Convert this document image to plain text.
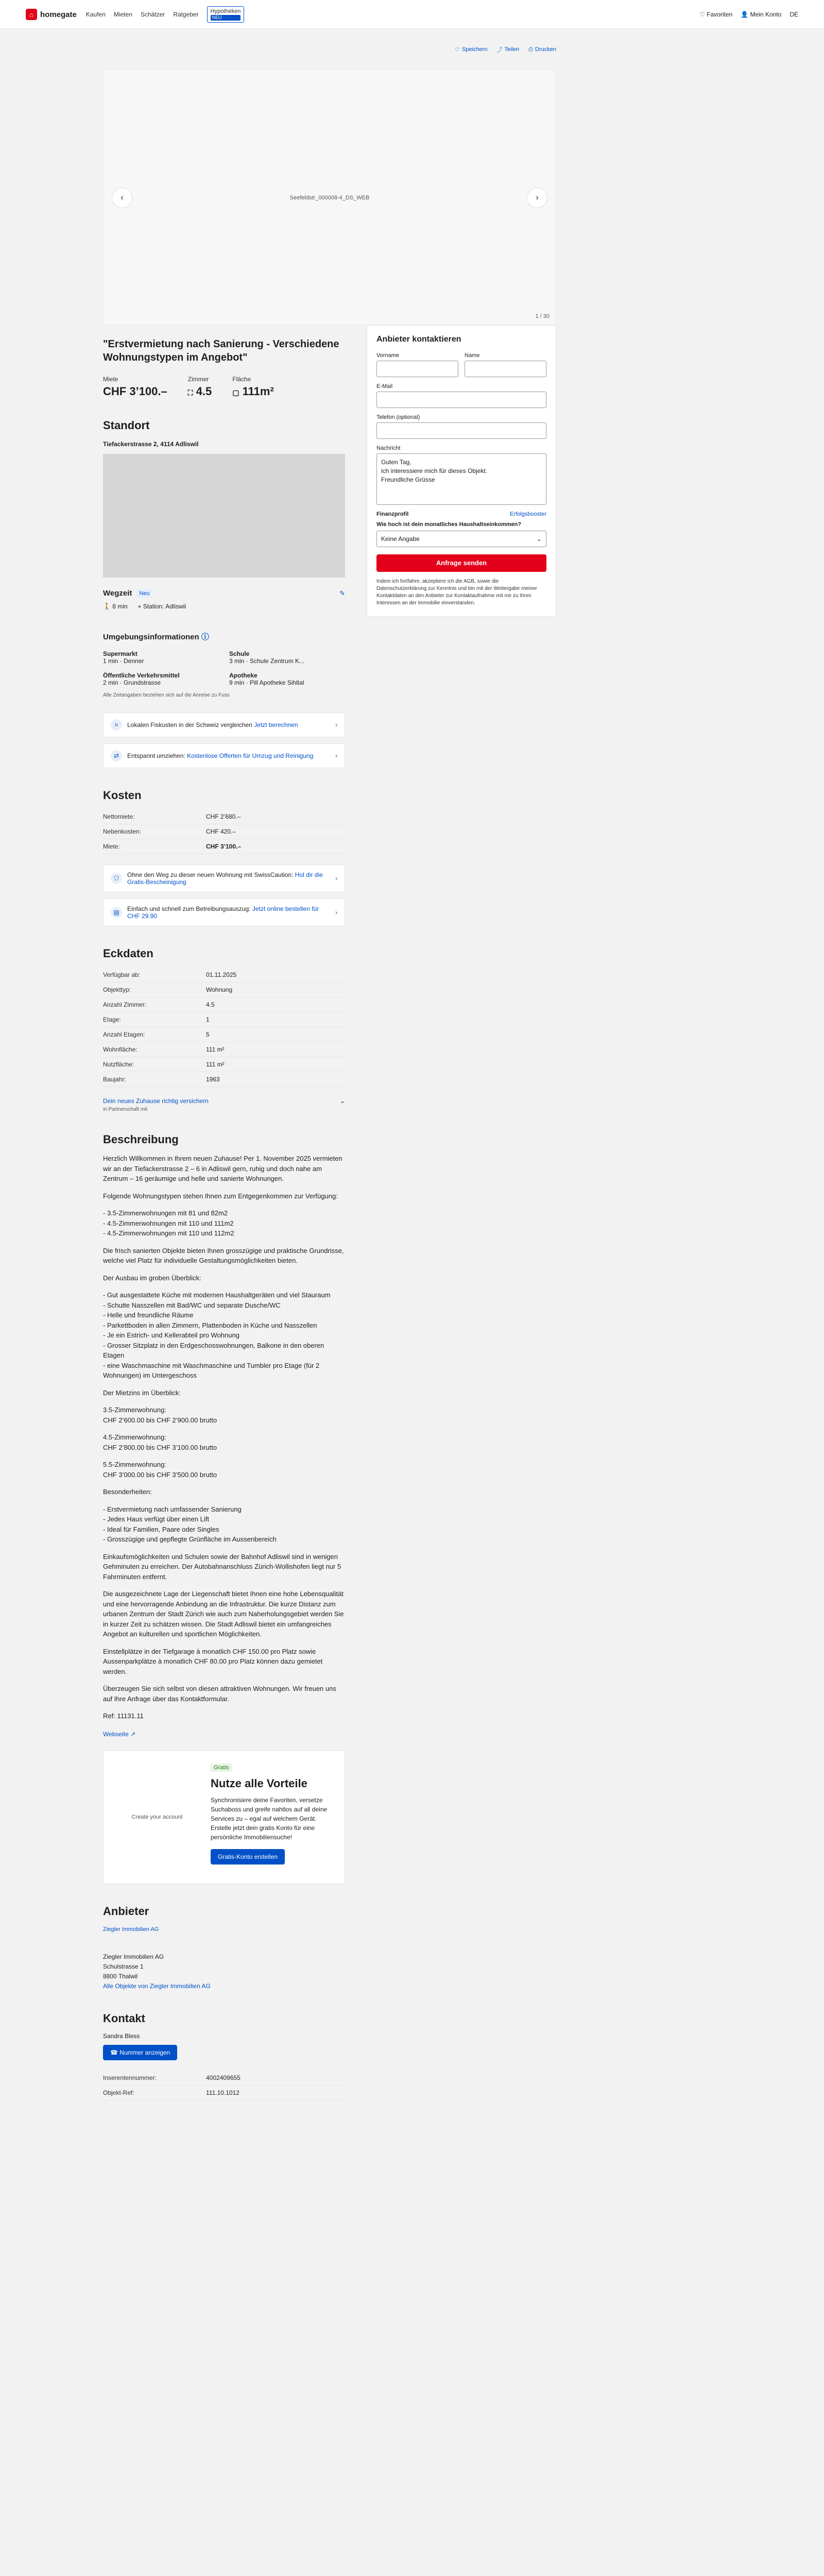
⌂ homegate Kaufen Mieten Schätzer Ratgeber	Hypotheken
NEU	♡ Favoriten 👤 Mein Konto DE
♡ Speichern ⤴ Teilen ⎙ Drucken
Seefeldstr_000008-4_DS_WEB
‹	›
1 / 30
"Erstvermietung nach Sanierung - Verschiedene Wohnungstypen im Angebot"
Miete
CHF 3’100.–
Zimmer
⛶ 4.5
Fläche
▢ 111m²
Standort
Tiefackerstrasse 2, 4114 Adliswil
Wegzeit	Neu	✎
🚶 8 min ⌖ Station: Adliswil
Umgebungsinformationen ⓘ
Supermarkt
1 min · Denner
Schule
3 min · Schule Zentrum K...
Öffentliche Verkehrsmittel
2 min · Grundstrasse
Apotheke
9 min · Pill Apotheke Sihltal
Alle Zeitangaben beziehen sich auf die Anreise zu Fuss
⌗	Lokalen Fiskusten in der Schweiz vergleichen Jetzt berechnen	›
⇄	Entspannt umziehen: Kostenlose Offerten für Umzug und Reinigung	›
Kosten
Nettomiete:	CHF 2’680.–
Nebenkosten:	CHF 420.–
Miete:	CHF 3’100.–
⛉	Ohne den Weg zu dieser neuen Wohnung mit SwissCaution: Hol dir die Gratis-Bescheinigung	›
▤	Einfach und schnell zum Betreibungsauszug: Jetzt online bestellen für CHF 29.90	›
Eckdaten
Verfügbar ab:	01.11.2025
Objekttyp:	Wohnung
Anzahl Zimmer:	4.5
Etage:	1
Anzahl Etagen:	5
Wohnfläche:	111 m²
Nutzfläche:	111 m²
Baujahr:	1963
Dein neues Zuhause richtig versichern	⌄
in Partnerschaft mit
Beschreibung

Herzlich Willkommen in Ihrem neuen Zuhause! Per 1. November 2025 vermieten wir an der Tiefackerstrasse 2 – 6 in Adliswil gern, ruhig und doch nahe am Zentrum – 16 geräumige und helle und sanierte Wohnungen.

Folgende Wohnungstypen stehen Ihnen zum Entgegenkommen zur Verfügung:

- 3.5-Zimmerwohnungen mit 81 und 82m2
- 4.5-Zimmerwohnungen mit 110 und 111m2
- 4.5-Zimmerwohnungen mit 110 und 112m2

Die frisch sanierten Objekte bieten Ihnen grosszügige und praktische Grundrisse, welche viel Platz für individuelle Gestaltungsmöglichkeiten bieten.

Der Ausbau im groben Überblick:

- Gut ausgestattete Küche mit modernen Haushaltgeräten und viel Stauraum
- Schutte Nasszellen mit Bad/WC und separate Dusche/WC
- Helle und freundliche Räume
- Parkettboden in allen Zimmern, Plattenboden in Küche und Nasszellen
- Je ein Estrich- und Kellerabteil pro Wohnung
- Grosser Sitzplatz in den Erdgeschosswohnungen, Balkone in den oberen Etagen
- eine Waschmaschine mit Waschmaschine und Tumbler pro Etage (für 2 Wohnungen) im Untergeschoss

Der Mietzins im Überblick:

3.5-Zimmerwohnung:
CHF 2’600.00 bis CHF 2’900.00 brutto

4.5-Zimmerwohnung:
CHF 2’800.00 bis CHF 3’100.00 brutto

5.5-Zimmerwohnung:
CHF 3’000.00 bis CHF 3’500.00 brutto

Besonderheiten:

- Erstvermietung nach umfassender Sanierung
- Jedes Haus verfügt über einen Lift
- Ideal für Familien, Paare oder Singles
- Grosszügige und gepflegte Grünfläche im Aussenbereich

Einkaufsmöglichkeiten und Schulen sowie der Bahnhof Adliswil sind in wenigen Gehminuten zu erreichen. Der Autobahnanschluss Zürich-Wollishofen liegt nur 5 Fahrminuten entfernt.

Die ausgezeichnete Lage der Liegenschaft bietet Ihnen eine hohe Lebensqualität und eine hervorragende Anbindung an die Infrastruktur. Die kurze Distanz zum urbanen Zentrum der Stadt Zürich wie auch zum Naherholungsgebiet werden Sie in kurzer Zeit zu schätzen wissen. Die Stadt Adliswil bietet ein umfangreiches Angebot an kulturellen und sportlichen Möglichkeiten.

Einstellplätze in der Tiefgarage à monatlich CHF 150.00 pro Platz sowie Aussenparkplätze à monatlich CHF 80.00 pro Platz können dazu gemietet werden.

Überzeugen Sie sich selbst von diesen attraktiven Wohnungen. Wir freuen uns auf Ihre Anfrage über das Kontaktformular.

Ref: 11131.11

Webseite ↗
Create your account
Gratis
Nutze alle Vorteile

Synchronisiere deine Favoriten, versetze Suchaboss und greife nahtlos auf all deine Services zu – egal auf welchem Gerät. Erstelle jetzt dein gratis Konto für eine persönliche Immobiliensuche!

Gratis-Konto erstellen
Anbieter
Ziegler Immobilien AG
Ziegler Immobilien AG
Schulstrasse 1
8800 Thalwil
Alle Objekte von Ziegler Immobilien AG
Kontakt
Sandra Bless
☎ Nummer anzeigen
Inserentennummer:	4002409655
Objekt-Ref:	111.10.1012
Anbieter kontaktieren
Vorname	Name
E-Mail
Telefon (optional)
Nachricht
Guten Tag,
ich interessiere mich für dieses Objekt.
Freundliche Grüsse
Finanzprofil	Erfolgsbooster
Wie hoch ist dein monatliches Haushaltseinkommen?
Keine Angabe	⌄
Anfrage senden

Indem ich fortfahre, akzeptiere ich die AGB, sowie die Datenschutzerklärung zur Kenntnis und bin mit der Weitergabe meiner Kontaktdaten an den Anbieter zur Kontaktaufnahme mit mir zu ihren Interessen an der Immobilie einverstanden.
